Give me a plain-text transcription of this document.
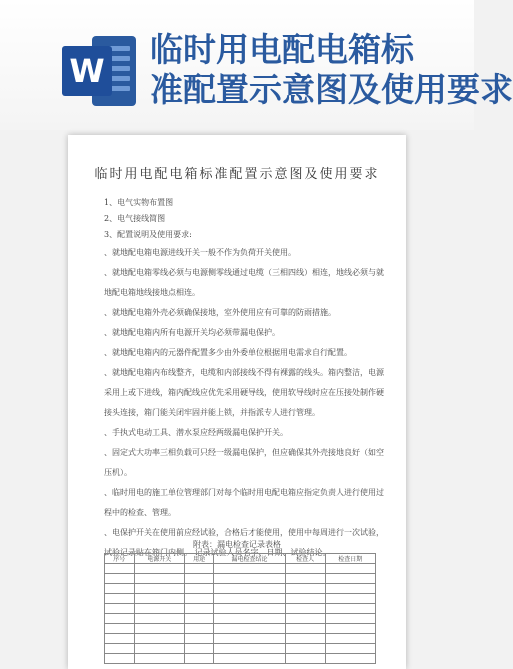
W
临时用电配电箱标
准配置示意图及使用要求
临时用电配电箱标准配置示意图及使用要求

1、电气实物布置图

2、电气接线简图

3、配置说明及使用要求:

、就地配电箱电源进线开关一般不作为负荷开关使用。

、就地配电箱零线必须与电源侧零线通过电缆（三相四线）相连，地线必须与就地配电箱地线接地点相连。

、就地配电箱外壳必须确保接地，室外使用应有可靠的防雨措施。

、就地配电箱内所有电源开关均必须带漏电保护。

、就地配电箱内的元器件配置多少由外委单位根据用电需求自行配置。

、就地配电箱内布线整齐，电缆和内部接线不得有裸露的线头。箱内整洁，电源采用上或下进线，箱内配线应优先采用硬导线，使用软导线时应在压接处制作硬接头连接，箱门能关闭牢固并能上锁，并指派专人进行管理。

、手执式电动工具、潜水泵应经两级漏电保护开关。

、固定式大功率三相负载可只经一级漏电保护，但应确保其外壳接地良好（如空压机）。

、临时用电的施工单位管理部门对每个临时用电配电箱应指定负责人进行使用过程中的检查、管理。

、电保护开关在使用前应经试验，合格后才能使用，使用中每周进行一次试验，试验记录贴在箱门内侧。 记录试验人员名字、日期、试验结论。

附表：漏电检查记录表格
序号	电源开关	用途	漏电检查结论	检查人	检查日期
